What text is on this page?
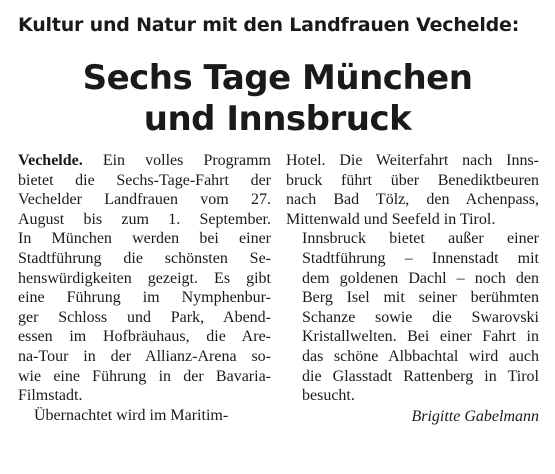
Kultur und Natur mit den Landfrauen Vechelde:
Sechs Tage München
und Innsbruck

Vechelde. Ein volles Programm
bietet die Sechs-Tage-Fahrt der
Vechelder Landfrauen vom 27.
August bis zum 1. September.
In München werden bei einer
Stadtführung die schönsten Se-
henswürdigkeiten gezeigt. Es gibt
eine Führung im Nymphenbur-
ger Schloss und Park, Abend-
essen im Hofbräuhaus, die Are-
na-Tour in der Allianz-Arena so-
wie eine Führung in der Bavaria-
Filmstadt.

Übernachtet wird im Maritim-

Hotel. Die Weiterfahrt nach Inns-
bruck führt über Benediktbeuren
nach Bad Tölz, den Achenpass,
Mittenwald und Seefeld in Tirol.

Innsbruck bietet außer einer
Stadtführung – Innenstadt mit
dem goldenen Dachl – noch den
Berg Isel mit seiner berühmten
Schanze sowie die Swarovski
Kristallwelten. Bei einer Fahrt in
das schöne Albbachtal wird auch
die Glasstadt Rattenberg in Tirol
besucht.

Brigitte Gabelmann
